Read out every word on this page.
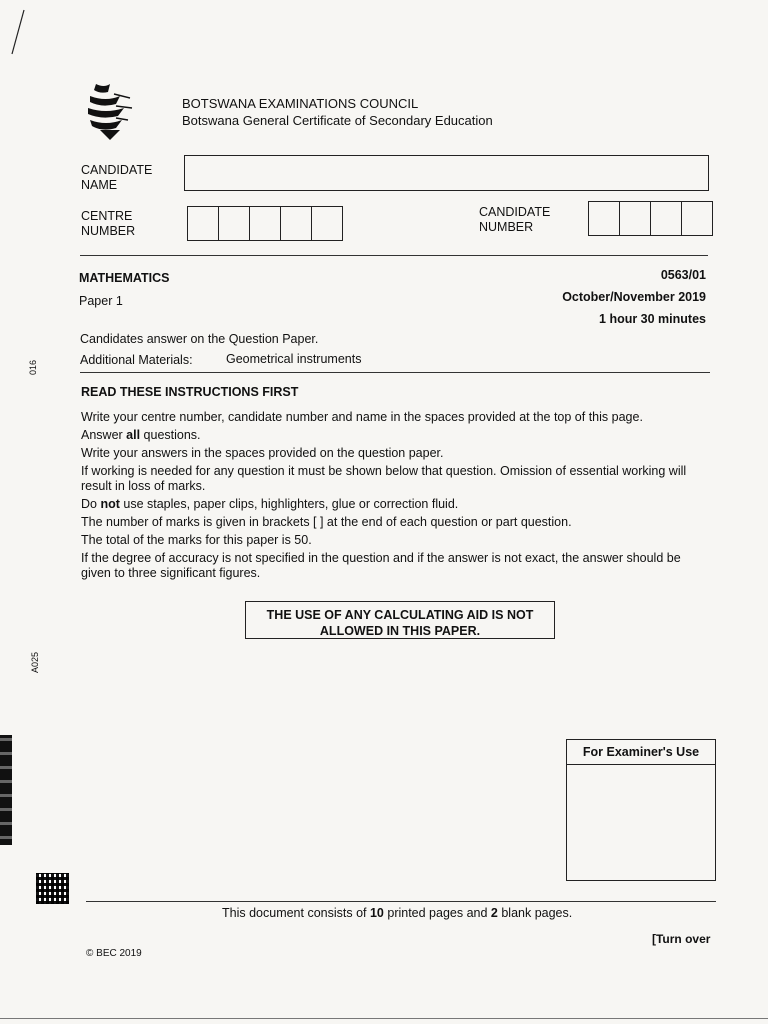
BOTSWANA EXAMINATIONS COUNCIL
Botswana General Certificate of Secondary Education
CANDIDATE NAME
CENTRE NUMBER
CANDIDATE NUMBER
MATHEMATICS	0563/01
Paper 1	October/November 2019
1 hour 30 minutes
Candidates answer on the Question Paper.
Additional Materials:	Geometrical instruments
READ THESE INSTRUCTIONS FIRST

Write your centre number, candidate number and name in the spaces provided at the top of this page.

Answer all questions.

Write your answers in the spaces provided on the question paper.

If working is needed for any question it must be shown below that question. Omission of essential working will result in loss of marks.

Do not use staples, paper clips, highlighters, glue or correction fluid.

The number of marks is given in brackets [ ] at the end of each question or part question.

The total of the marks for this paper is 50.

If the degree of accuracy is not specified in the question and if the answer is not exact, the answer should be given to three significant figures.

THE USE OF ANY CALCULATING AID IS NOT
ALLOWED IN THIS PAPER.
For Examiner's Use
016
A025
This document consists of 10 printed pages and 2 blank pages.
[Turn over
© BEC 2019
